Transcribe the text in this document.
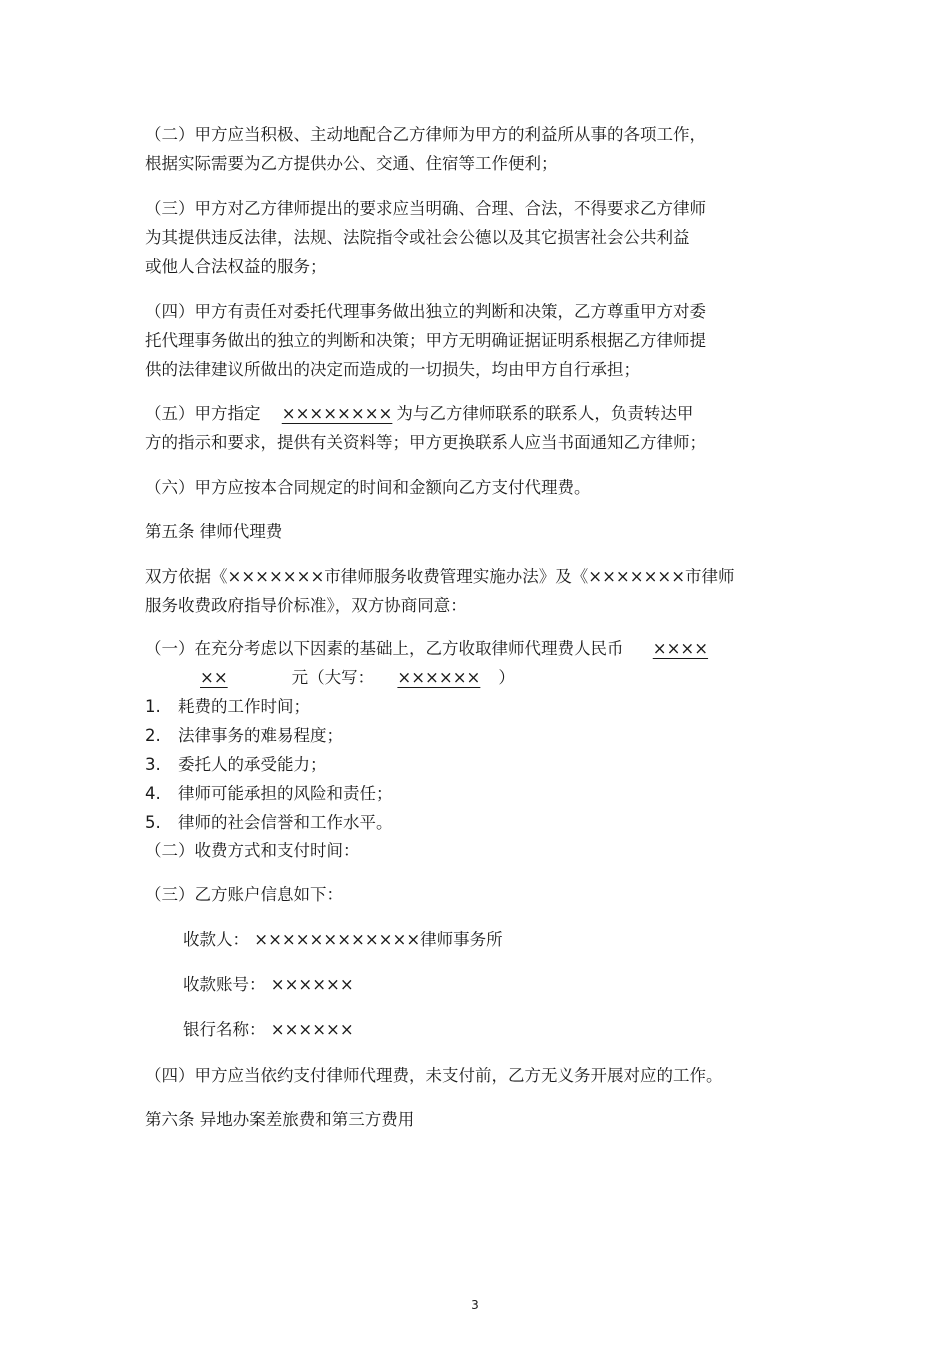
（二）甲方应当积极、主动地配合乙方律师为甲方的利益所从事的各项工作，
根据实际需要为乙方提供办公、交通、住宿等工作便利；
（三）甲方对乙方律师提出的要求应当明确、合理、合法，不得要求乙方律师
为其提供违反法律，法规、法院指令或社会公德以及其它损害社会公共利益
或他人合法权益的服务；
（四）甲方有责任对委托代理事务做出独立的判断和决策，乙方尊重甲方对委
托代理事务做出的独立的判断和决策；甲方无明确证据证明系根据乙方律师提
供的法律建议所做出的决定而造成的一切损失，均由甲方自行承担；
（五）甲方指定 ×××××××× 为与乙方律师联系的联系人，负责转达甲
方的指示和要求，提供有关资料等；甲方更换联系人应当书面通知乙方律师；
（六）甲方应按本合同规定的时间和金额向乙方支付代理费。
第五条 律师代理费
双方依据《×××××××市律师服务收费管理实施办法》及《×××××××市律师
服务收费政府指导价标准》，双方协商同意：
（一）在充分考虑以下因素的基础上，乙方收取律师代理费人民币 ××××
××	元（大写： ×××××× ）
1. 耗费的工作时间；
2. 法律事务的难易程度；
3. 委托人的承受能力；
4. 律师可能承担的风险和责任；
5. 律师的社会信誉和工作水平。
（二）收费方式和支付时间：
（三）乙方账户信息如下：
收款人： ××××××××××××律师事务所
收款账号： ××××××
银行名称： ××××××
（四）甲方应当依约支付律师代理费，未支付前，乙方无义务开展对应的工作。
第六条 异地办案差旅费和第三方费用
3
